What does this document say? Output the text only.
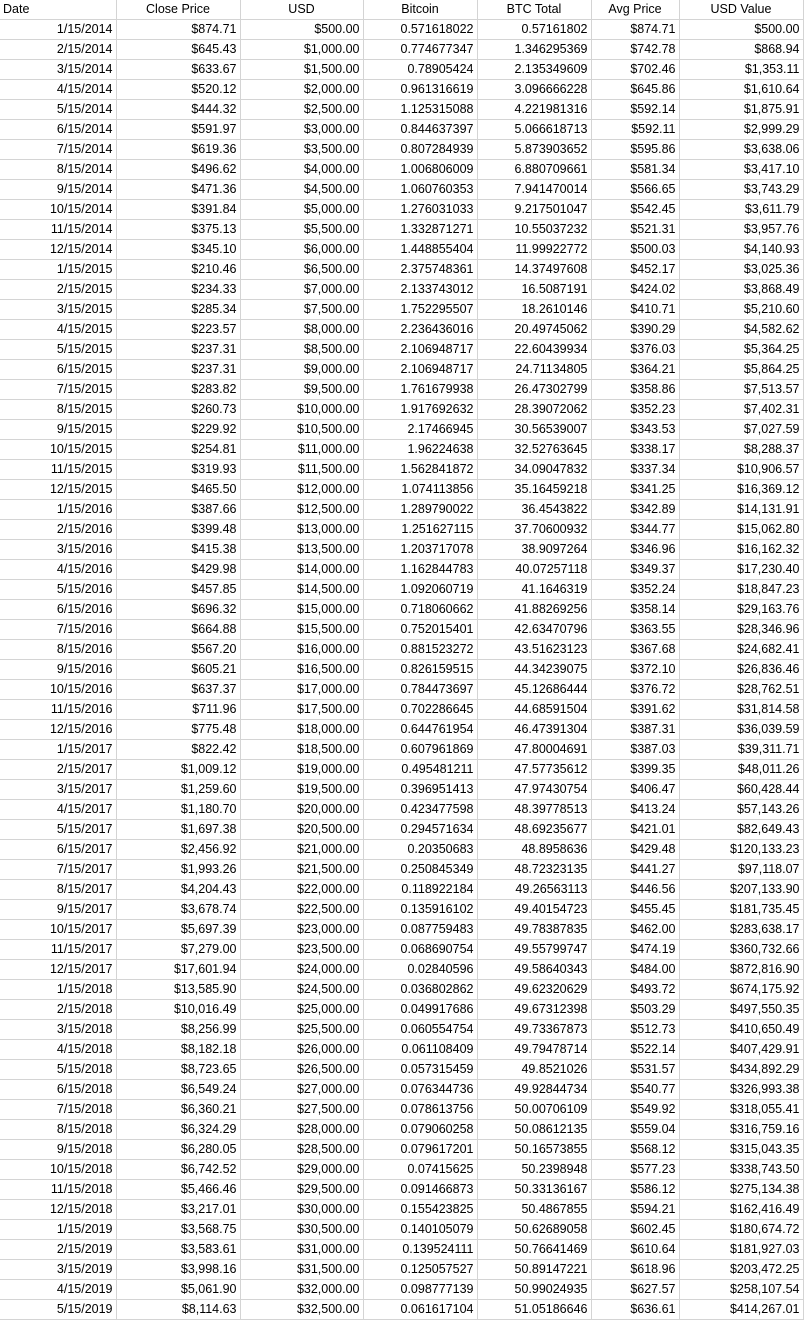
Date	Close Price	USD	Bitcoin	BTC Total	Avg Price	USD Value
1/15/2014	$874.71	$500.00	0.571618022	0.57161802	$874.71	$500.00
2/15/2014	$645.43	$1,000.00	0.774677347	1.346295369	$742.78	$868.94
3/15/2014	$633.67	$1,500.00	0.78905424	2.135349609	$702.46	$1,353.11
4/15/2014	$520.12	$2,000.00	0.961316619	3.096666228	$645.86	$1,610.64
5/15/2014	$444.32	$2,500.00	1.125315088	4.221981316	$592.14	$1,875.91
6/15/2014	$591.97	$3,000.00	0.844637397	5.066618713	$592.11	$2,999.29
7/15/2014	$619.36	$3,500.00	0.807284939	5.873903652	$595.86	$3,638.06
8/15/2014	$496.62	$4,000.00	1.006806009	6.880709661	$581.34	$3,417.10
9/15/2014	$471.36	$4,500.00	1.060760353	7.941470014	$566.65	$3,743.29
10/15/2014	$391.84	$5,000.00	1.276031033	9.217501047	$542.45	$3,611.79
11/15/2014	$375.13	$5,500.00	1.332871271	10.55037232	$521.31	$3,957.76
12/15/2014	$345.10	$6,000.00	1.448855404	11.99922772	$500.03	$4,140.93
1/15/2015	$210.46	$6,500.00	2.375748361	14.37497608	$452.17	$3,025.36
2/15/2015	$234.33	$7,000.00	2.133743012	16.5087191	$424.02	$3,868.49
3/15/2015	$285.34	$7,500.00	1.752295507	18.2610146	$410.71	$5,210.60
4/15/2015	$223.57	$8,000.00	2.236436016	20.49745062	$390.29	$4,582.62
5/15/2015	$237.31	$8,500.00	2.106948717	22.60439934	$376.03	$5,364.25
6/15/2015	$237.31	$9,000.00	2.106948717	24.71134805	$364.21	$5,864.25
7/15/2015	$283.82	$9,500.00	1.761679938	26.47302799	$358.86	$7,513.57
8/15/2015	$260.73	$10,000.00	1.917692632	28.39072062	$352.23	$7,402.31
9/15/2015	$229.92	$10,500.00	2.17466945	30.56539007	$343.53	$7,027.59
10/15/2015	$254.81	$11,000.00	1.96224638	32.52763645	$338.17	$8,288.37
11/15/2015	$319.93	$11,500.00	1.562841872	34.09047832	$337.34	$10,906.57
12/15/2015	$465.50	$12,000.00	1.074113856	35.16459218	$341.25	$16,369.12
1/15/2016	$387.66	$12,500.00	1.289790022	36.4543822	$342.89	$14,131.91
2/15/2016	$399.48	$13,000.00	1.251627115	37.70600932	$344.77	$15,062.80
3/15/2016	$415.38	$13,500.00	1.203717078	38.9097264	$346.96	$16,162.32
4/15/2016	$429.98	$14,000.00	1.162844783	40.07257118	$349.37	$17,230.40
5/15/2016	$457.85	$14,500.00	1.092060719	41.1646319	$352.24	$18,847.23
6/15/2016	$696.32	$15,000.00	0.718060662	41.88269256	$358.14	$29,163.76
7/15/2016	$664.88	$15,500.00	0.752015401	42.63470796	$363.55	$28,346.96
8/15/2016	$567.20	$16,000.00	0.881523272	43.51623123	$367.68	$24,682.41
9/15/2016	$605.21	$16,500.00	0.826159515	44.34239075	$372.10	$26,836.46
10/15/2016	$637.37	$17,000.00	0.784473697	45.12686444	$376.72	$28,762.51
11/15/2016	$711.96	$17,500.00	0.702286645	44.68591504	$391.62	$31,814.58
12/15/2016	$775.48	$18,000.00	0.644761954	46.47391304	$387.31	$36,039.59
1/15/2017	$822.42	$18,500.00	0.607961869	47.80004691	$387.03	$39,311.71
2/15/2017	$1,009.12	$19,000.00	0.495481211	47.57735612	$399.35	$48,011.26
3/15/2017	$1,259.60	$19,500.00	0.396951413	47.97430754	$406.47	$60,428.44
4/15/2017	$1,180.70	$20,000.00	0.423477598	48.39778513	$413.24	$57,143.26
5/15/2017	$1,697.38	$20,500.00	0.294571634	48.69235677	$421.01	$82,649.43
6/15/2017	$2,456.92	$21,000.00	0.20350683	48.8958636	$429.48	$120,133.23
7/15/2017	$1,993.26	$21,500.00	0.250845349	48.72323135	$441.27	$97,118.07
8/15/2017	$4,204.43	$22,000.00	0.118922184	49.26563113	$446.56	$207,133.90
9/15/2017	$3,678.74	$22,500.00	0.135916102	49.40154723	$455.45	$181,735.45
10/15/2017	$5,697.39	$23,000.00	0.087759483	49.78387835	$462.00	$283,638.17
11/15/2017	$7,279.00	$23,500.00	0.068690754	49.55799747	$474.19	$360,732.66
12/15/2017	$17,601.94	$24,000.00	0.02840596	49.58640343	$484.00	$872,816.90
1/15/2018	$13,585.90	$24,500.00	0.036802862	49.62320629	$493.72	$674,175.92
2/15/2018	$10,016.49	$25,000.00	0.049917686	49.67312398	$503.29	$497,550.35
3/15/2018	$8,256.99	$25,500.00	0.060554754	49.73367873	$512.73	$410,650.49
4/15/2018	$8,182.18	$26,000.00	0.061108409	49.79478714	$522.14	$407,429.91
5/15/2018	$8,723.65	$26,500.00	0.057315459	49.8521026	$531.57	$434,892.29
6/15/2018	$6,549.24	$27,000.00	0.076344736	49.92844734	$540.77	$326,993.38
7/15/2018	$6,360.21	$27,500.00	0.078613756	50.00706109	$549.92	$318,055.41
8/15/2018	$6,324.29	$28,000.00	0.079060258	50.08612135	$559.04	$316,759.16
9/15/2018	$6,280.05	$28,500.00	0.079617201	50.16573855	$568.12	$315,043.35
10/15/2018	$6,742.52	$29,000.00	0.07415625	50.2398948	$577.23	$338,743.50
11/15/2018	$5,466.46	$29,500.00	0.091466873	50.33136167	$586.12	$275,134.38
12/15/2018	$3,217.01	$30,000.00	0.155423825	50.4867855	$594.21	$162,416.49
1/15/2019	$3,568.75	$30,500.00	0.140105079	50.62689058	$602.45	$180,674.72
2/15/2019	$3,583.61	$31,000.00	0.139524111	50.76641469	$610.64	$181,927.03
3/15/2019	$3,998.16	$31,500.00	0.125057527	50.89147221	$618.96	$203,472.25
4/15/2019	$5,061.90	$32,000.00	0.098777139	50.99024935	$627.57	$258,107.54
5/15/2019	$8,114.63	$32,500.00	0.061617104	51.05186646	$636.61	$414,267.01
